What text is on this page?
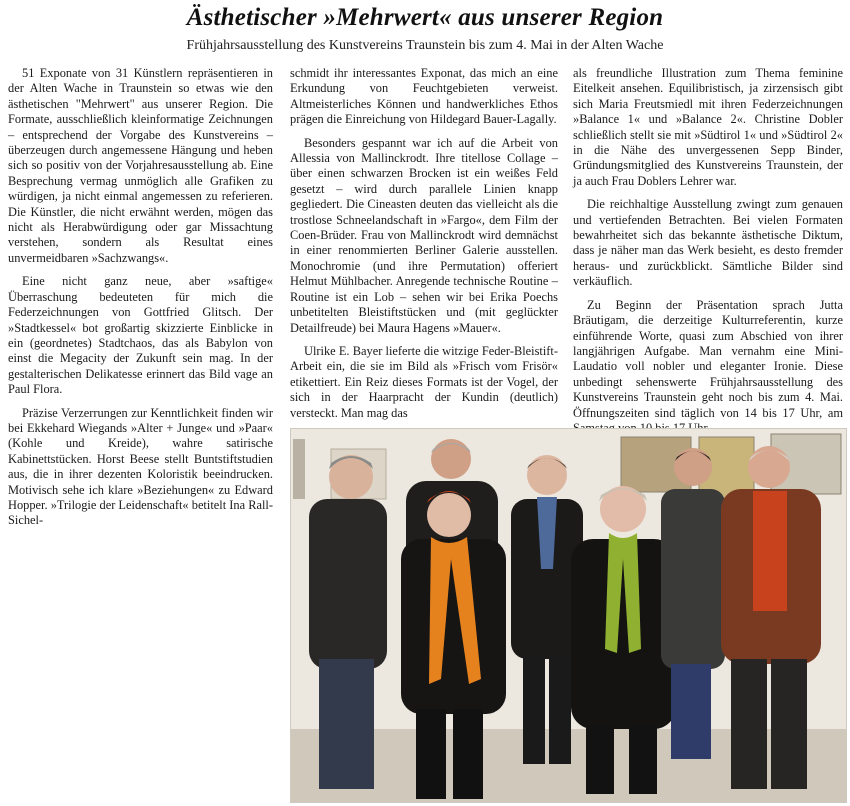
Ästhetischer »Mehrwert« aus unserer Region
Frühjahrsausstellung des Kunstvereins Traunstein bis zum 4. Mai in der Alten Wache

51 Exponate von 31 Künstlern repräsentieren in der Alten Wache in Traunstein so etwas wie den ästhetischen "Mehrwert" aus unserer Region. Die Formate, ausschließlich kleinformatige Zeichnungen – entsprechend der Vorgabe des Kunstvereins – überzeugen durch angemessene Hängung und heben sich so positiv von der Vorjahresausstellung ab. Eine Besprechung vermag unmöglich alle Grafiken zu würdigen, ja nicht einmal angemessen zu referieren. Die Künstler, die nicht erwähnt werden, mögen das nicht als Herabwürdigung oder gar Missachtung verstehen, sondern als Resultat eines unvermeidbaren »Sachzwangs«.

Eine nicht ganz neue, aber »saftige« Überraschung bedeuteten für mich die Federzeichnungen von Gottfried Glitsch. Der »Stadtkessel« bot großartig skizzierte Einblicke in ein (geordnetes) Stadtchaos, das als Babylon von einst die Megacity der Zukunft sein mag. In der gestalterischen Delikatesse erinnert das Bild vage an Paul Flora.

Präzise Verzerrungen zur Kenntlichkeit finden wir bei Ekkehard Wiegands »Alter + Junge« und »Paar« (Kohle und Kreide), wahre satirische Kabinettstücken. Horst Beese stellt Buntstiftstudien aus, die in ihrer dezenten Koloristik beeindrucken. Motivisch sehe ich klare »Beziehungen« zu Edward Hopper. »Trilogie der Leidenschaft« betitelt Ina Rall-Sichel-

schmidt ihr interessantes Exponat, das mich an eine Erkundung von Feuchtgebieten verweist. Altmeisterliches Können und handwerkliches Ethos prägen die Einreichung von Hildegard Bauer-Lagally.

Besonders gespannt war ich auf die Arbeit von Allessia von Mallinckrodt. Ihre titellose Collage – über einen schwarzen Brocken ist ein weißes Feld gesetzt – wird durch parallele Linien knapp gegliedert. Die Cineasten deuten das vielleicht als die trostlose Schneelandschaft in »Fargo«, dem Film der Coen-Brüder. Frau von Mallinckrodt wird demnächst in einer renommierten Berliner Galerie ausstellen. Monochromie (und ihre Permutation) offeriert Helmut Mühlbacher. Anregende technische Routine – Routine ist ein Lob – sehen wir bei Erika Poechs unbetitelten Bleistiftstücken und (mit geglückter Detailfreude) bei Maura Hagens »Mauer«.

Ulrike E. Bayer lieferte die witzige Feder-Bleistift-Arbeit ein, die sie im Bild als »Frisch vom Frisör« etikettiert. Ein Reiz dieses Formats ist der Vogel, der sich in der Haarpracht der Kundin (deutlich) versteckt. Man mag das

als freundliche Illustration zum Thema feminine Eitelkeit ansehen. Equilibristisch, ja zirzensisch gibt sich Maria Freutsmiedl mit ihren Federzeichnungen »Balance 1« und »Balance 2«. Christine Dobler schließlich stellt sie mit »Südtirol 1« und »Südtirol 2« in die Nähe des unvergessenen Sepp Binder, Gründungsmitglied des Kunstvereins Traunstein, der ja auch Frau Doblers Lehrer war.

Die reichhaltige Ausstellung zwingt zum genauen und vertiefenden Betrachten. Bei vielen Formaten bewahrheitet sich das bekannte ästhetische Diktum, dass je näher man das Werk besieht, es desto fremder heraus- und zurückblickt. Sämtliche Bilder sind verkäuflich.

Zu Beginn der Präsentation sprach Jutta Bräutigam, die derzeitige Kulturreferentin, kurze einführende Worte, quasi zum Abschied von ihrer langjährigen Aufgabe. Man vernahm eine Mini-Laudatio voll nobler und eleganter Ironie. Diese unbedingt sehenswerte Frühjahrsausstellung des Kunstvereins Traunstein geht noch bis zum 4. Mai. Öffnungszeiten sind täglich von 14 bis 17 Uhr, am
